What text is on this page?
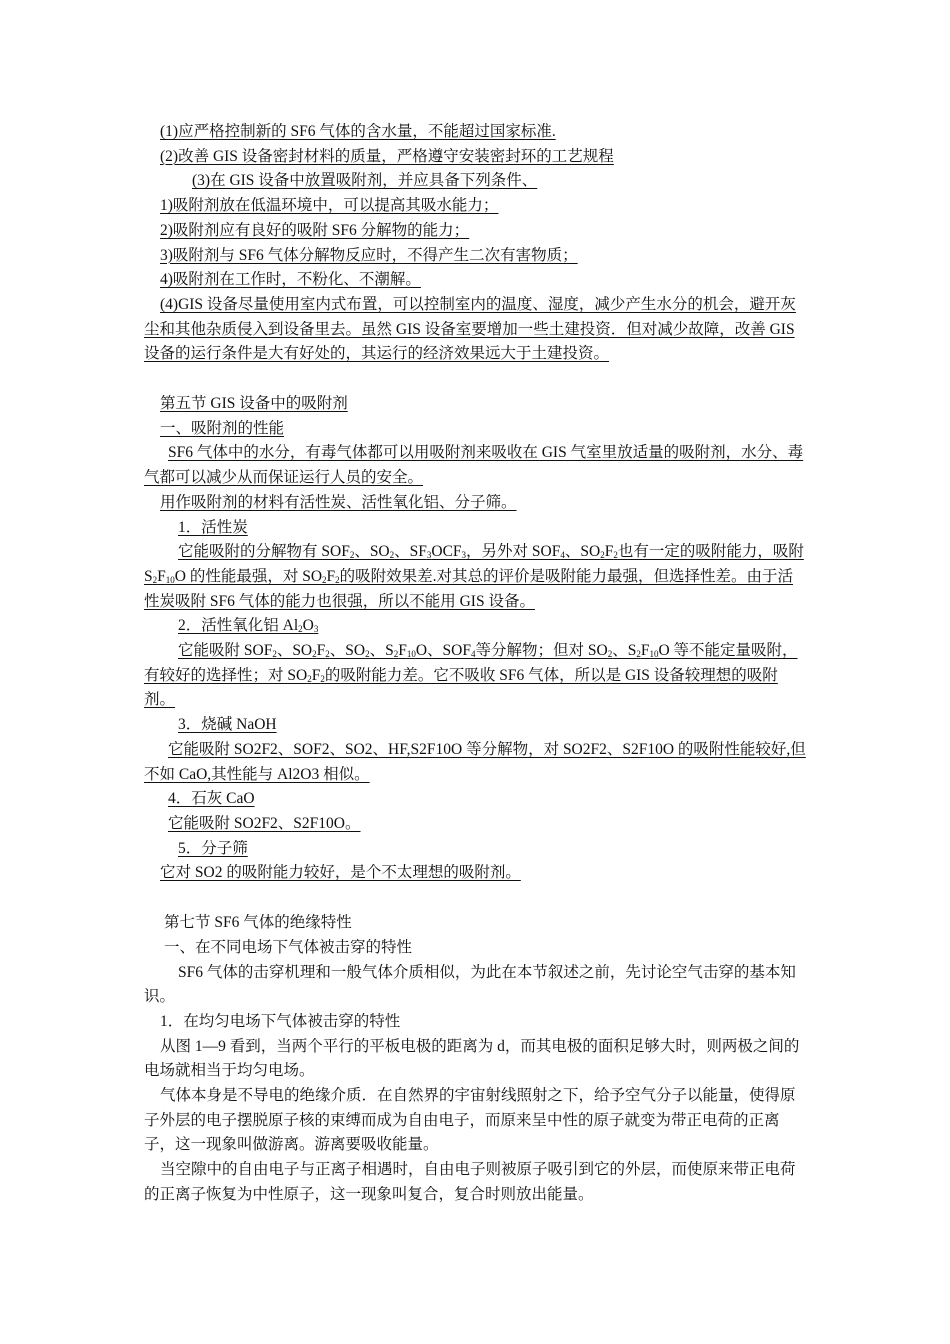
(1)应严格控制新的 SF6 气体的含水量，不能超过国家标准.

(2)改善 GIS 设备密封材料的质量，严格遵守安装密封环的工艺规程

(3)在 GIS 设备中放置吸附剂，并应具备下列条件、

1)吸附剂放在低温环境中，可以提高其吸水能力；

2)吸附剂应有良好的吸附 SF6 分解物的能力；

3)吸附剂与 SF6 气体分解物反应时，不得产生二次有害物质；

4)吸附剂在工作时，不粉化、不潮解。

(4)GIS 设备尽量使用室内式布置，可以控制室内的温度、湿度，减少产生水分的机会，避开灰尘和其他杂质侵入到设备里去。虽然 GIS 设备室要增加一些土建投资．但对减少故障，改善 GIS 设备的运行条件是大有好处的，其运行的经济效果远大于土建投资。

第五节 GIS 设备中的吸附剂

一、吸附剂的性能

SF6 气体中的水分，有毒气体都可以用吸附剂来吸收在 GIS 气室里放适量的吸附剂，水分、毒气都可以减少从而保证运行人员的安全。

用作吸附剂的材料有活性炭、活性氧化铝、分子筛。

1．活性炭

它能吸附的分解物有 $SOF_2$、$SO_2$、$SF_3OCF_3$，另外对 $SOF_4$、$SO_2F_2$也有一定的吸附能力，吸附 $S_2F_{10}O$ 的性能最强，对 $SO_2F_2$的吸附效果差.对其总的评价是吸附能力最强，但选择性差。由于活性炭吸附 SF6 气体的能力也很强，所以不能用 GIS 设备。

2．活性氧化铝 $Al_2O_3$

它能吸附 $SOF_2$、$SO_2F_2$、$SO_2$、$S_2F_{10}O$、$SOF_4$等分解物；但对 $SO_2$、$S_2F_{10}O$ 等不能定量吸附，有较好的选择性；对 $SO_2F_2$的吸附能力差。它不吸收 SF6 气体，所以是 GIS 设备较理想的吸附剂。

3．烧碱 NaOH

它能吸附 SO2F2、SOF2、SO2、HF,S2F10O 等分解物，对 SO2F2、S2F10O 的吸附性能较好,但不如 CaO,其性能与 Al2O3 相似。

4．石灰 CaO

它能吸附 SO2F2、S2F10O。

5．分子筛

它对 SO2 的吸附能力较好，是个不太理想的吸附剂。

第七节 SF6 气体的绝缘特性

一、在不同电场下气体被击穿的特性

SF6 气体的击穿机理和一般气体介质相似，为此在本节叙述之前，先讨论空气击穿的基本知识。

1．在均匀电场下气体被击穿的特性

从图 1—9 看到，当两个平行的平板电极的距离为 d，而其电极的面积足够大时，则两极之间的电场就相当于均匀电场。

气体本身是不导电的绝缘介质．在自然界的宇宙射线照射之下，给予空气分子以能量，使得原子外层的电子摆脱原子核的束缚而成为自由电子，而原来呈中性的原子就变为带正电荷的正离子，这一现象叫做游离。游离要吸收能量。

当空隙中的自由电子与正离子相遇时，自由电子则被原子吸引到它的外层，而使原来带正电荷的正离子恢复为中性原子，这一现象叫复合，复合时则放出能量。
